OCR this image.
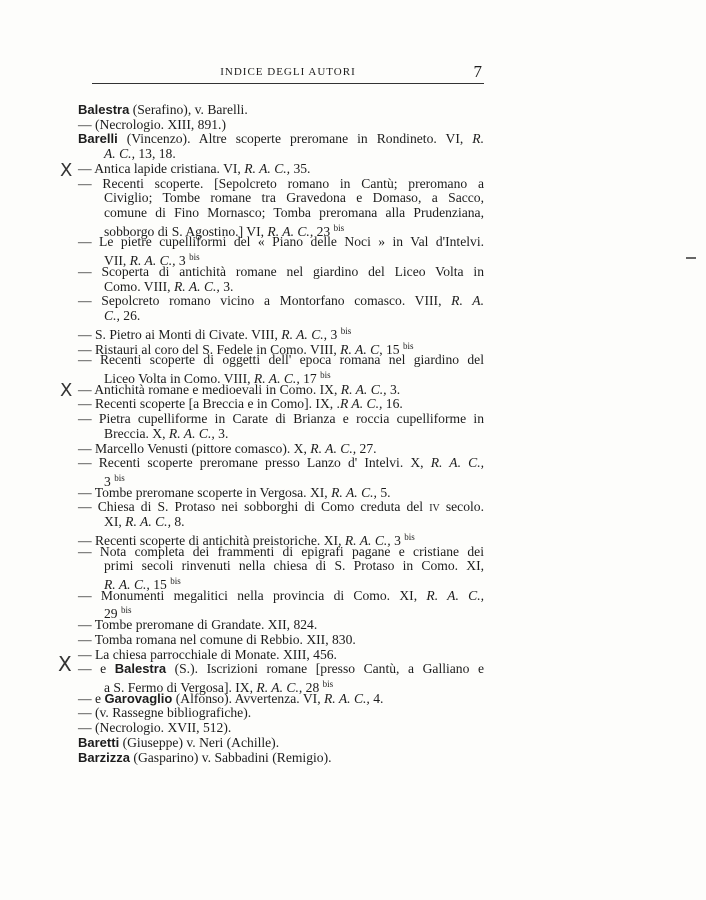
INDICE DEGLI AUTORI	7
Balestra (Serafino), v. Barelli.
— (Necrologio. XIII, 891.)
Barelli (Vincenzo). Altre scoperte preromane in Rondineto. VI, R.
A. C., 13, 18.
— Antica lapide cristiana. VI, R. A. C., 35.
— Recenti scoperte. [Sepolcreto romano in Cantù; preromano a
Civiglio; Tombe romane tra Gravedona e Domaso, a Sacco,
comune di Fino Mornasco; Tomba preromana alla Prudenziana,
sobborgo di S. Agostino.] VI, R. A. C., 23 $^{bis}$
— Le pietre cupelliformi del « Piano delle Noci » in Val d'Intelvi.
VII, R. A. C., 3 $^{bis}$
— Scoperta di antichità romane nel giardino del Liceo Volta in
Como. VIII, R. A. C., 3.
— Sepolcreto romano vicino a Montorfano comasco. VIII, R. A.
C., 26.
— S. Pietro ai Monti di Civate. VIII, R. A. C., 3 $^{bis}$
— Ristauri al coro del S. Fedele in Como. VIII, R. A. C, 15 $^{bis}$
— Recenti scoperte di oggetti dell' epoca romana nel giardino del
Liceo Volta in Como. VIII, R. A. C., 17 $^{bis}$
— Antichità romane e medioevali in Como. IX, R. A. C., 3.
— Recenti scoperte [a Breccia e in Como]. IX, .R A. C., 16.
— Pietra cupelliforme in Carate di Brianza e roccia cupelliforme in
Breccia. X, R. A. C., 3.
— Marcello Venusti (pittore comasco). X, R. A. C., 27.
— Recenti scoperte preromane presso Lanzo d' Intelvi. X, R. A. C.,
3 $^{bis}$
— Tombe preromane scoperte in Vergosa. XI, R. A. C., 5.
— Chiesa di S. Protaso nei sobborghi di Como creduta del iv secolo.
XI, R. A. C., 8.
— Recenti scoperte di antichità preistoriche. XI, R. A. C., 3 $^{bis}$
— Nota completa dei frammenti di epigrafi pagane e cristiane dei
primi secoli rinvenuti nella chiesa di S. Protaso in Como. XI,
R. A. C., 15 $^{bis}$
— Monumenti megalitici nella provincia di Como. XI, R. A. C.,
29 $^{bis}$
— Tombe preromane di Grandate. XII, 824.
— Tomba romana nel comune di Rebbio. XII, 830.
— La chiesa parrocchiale di Monate. XIII, 456.
— e Balestra (S.). Iscrizioni romane [presso Cantù, a Galliano e
a S. Fermo di Vergosa]. IX, R. A. C., 28 $^{bis}$
— e Garovaglio (Alfonso). Avvertenza. VI, R. A. C., 4.
— (v. Rassegne bibliografiche).
— (Necrologio. XVII, 512).
Baretti (Giuseppe) v. Neri (Achille).
Barzizza (Gasparino) v. Sabbadini (Remigio).
X
X
X
